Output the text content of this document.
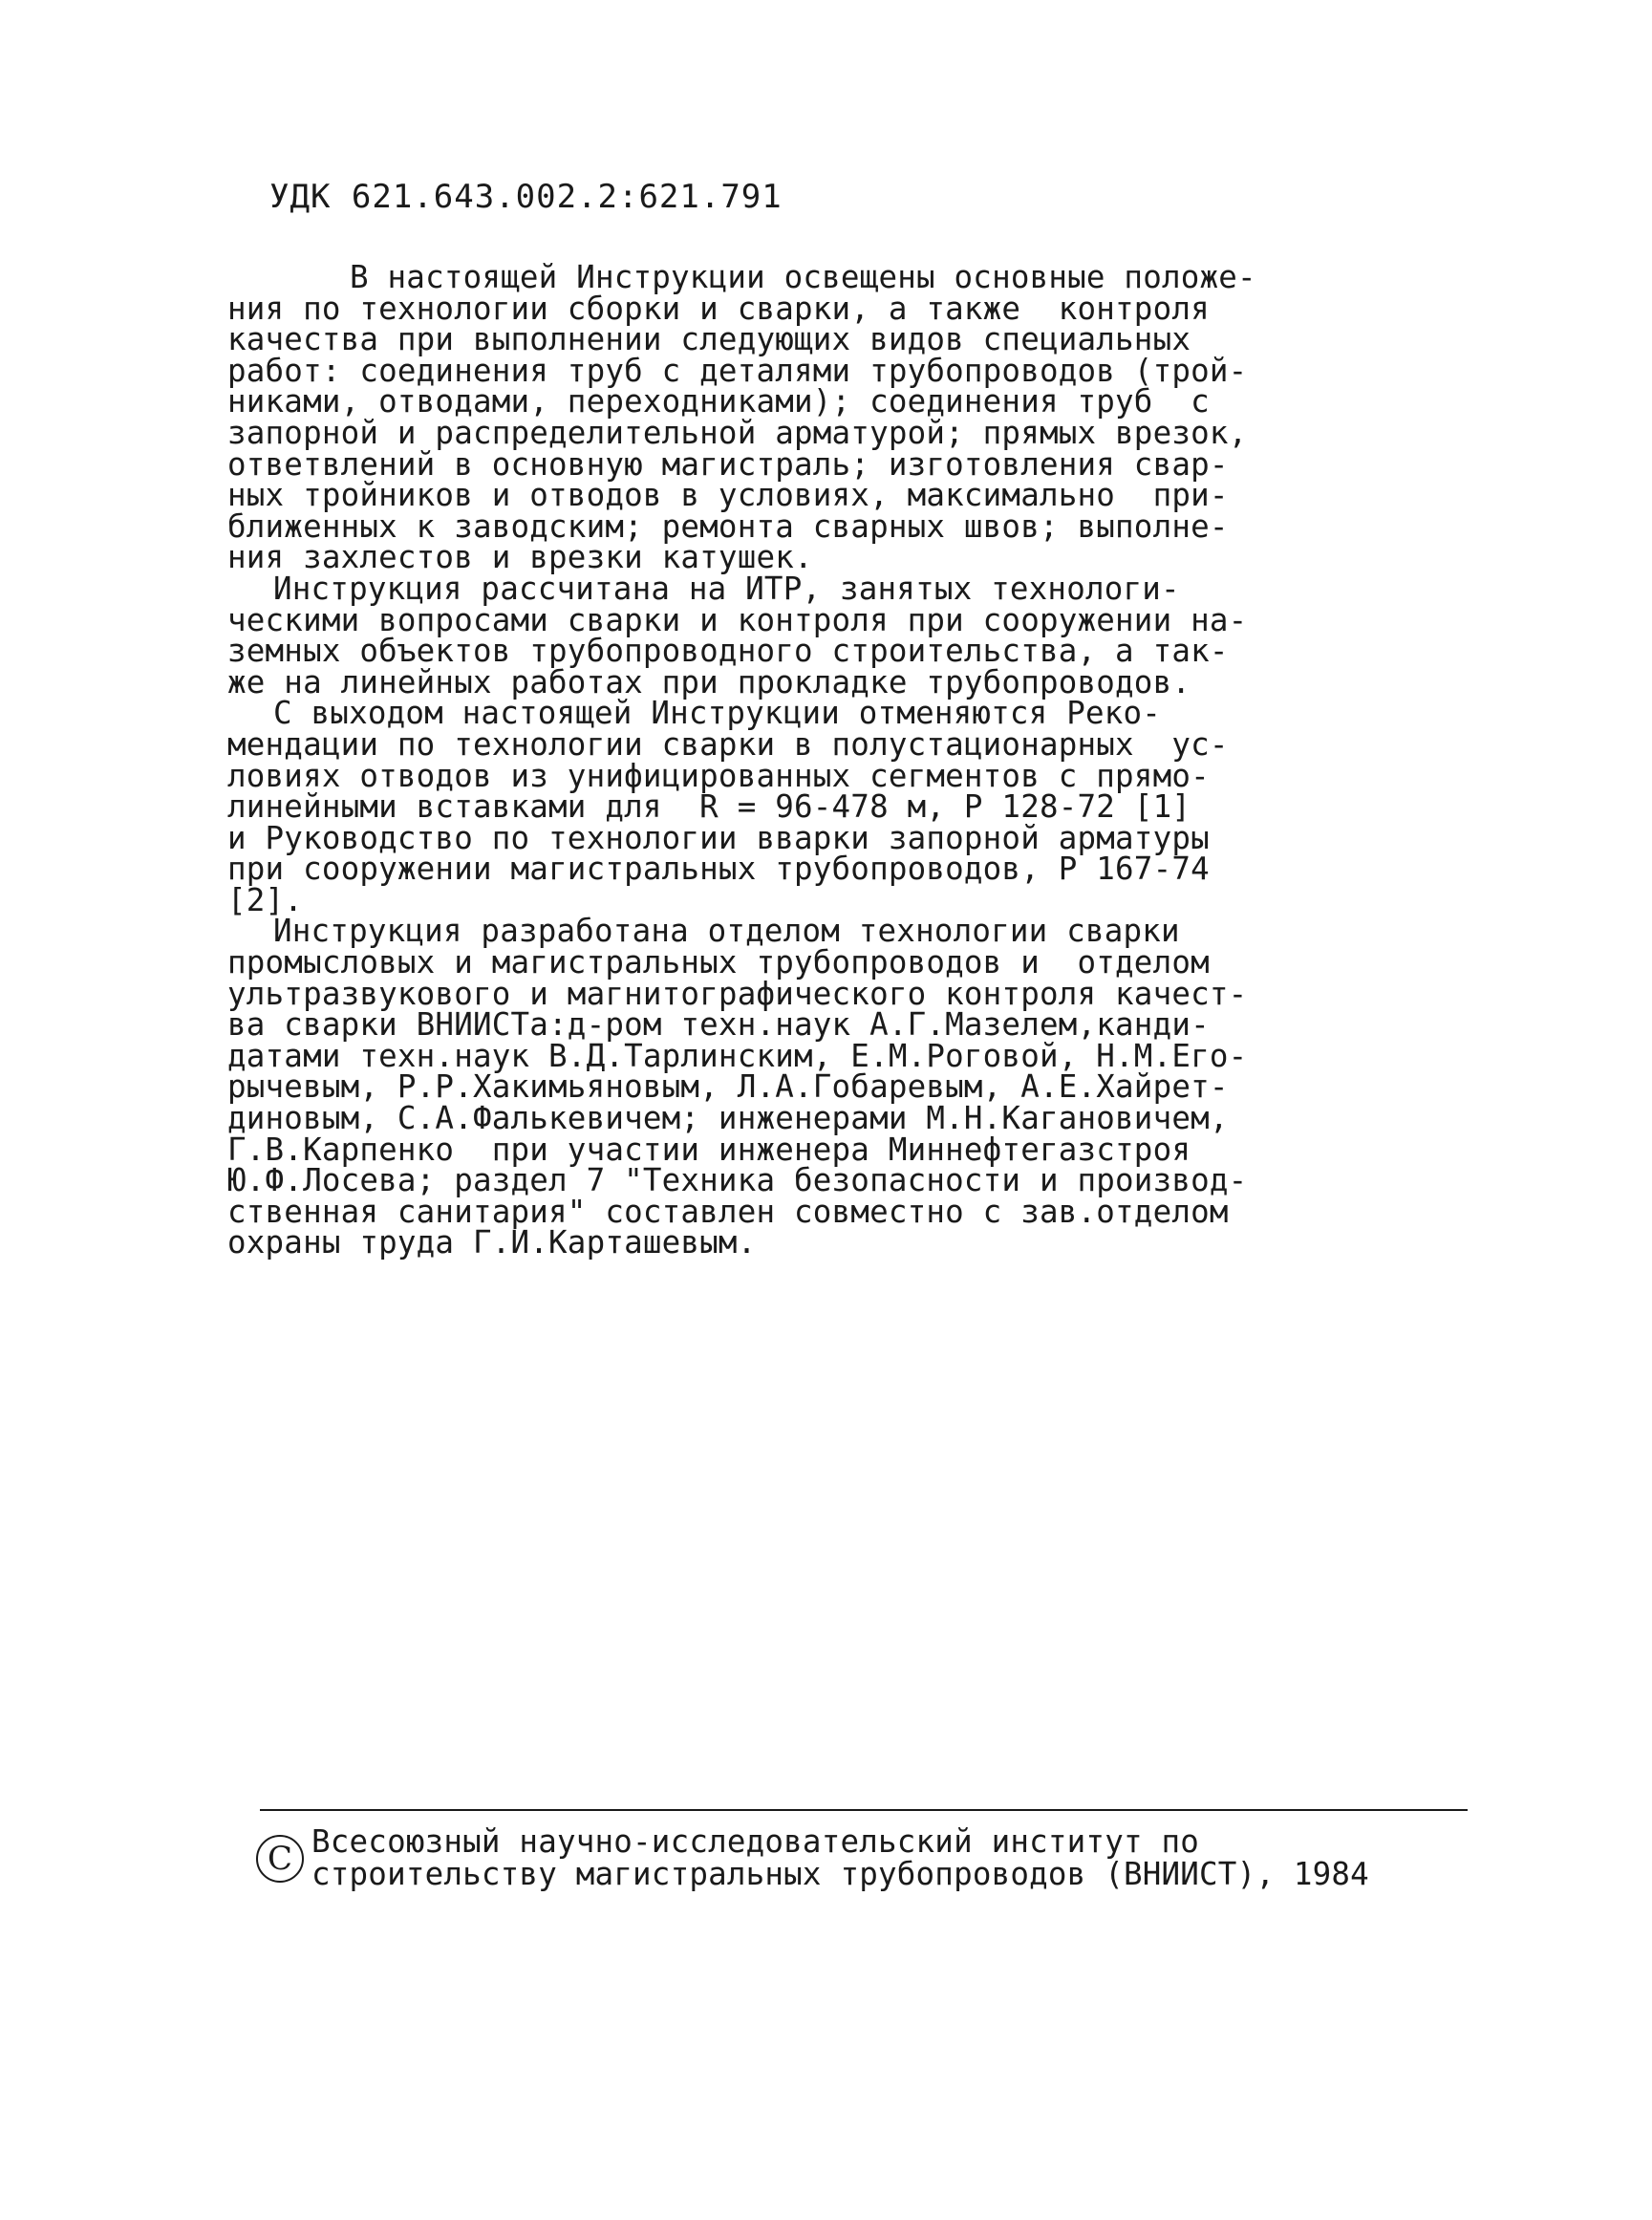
УДК 621.643.002.2:621.791
В настоящей Инструкции освещены основные положе-
ния по технологии сборки и сварки, а также  контроля
качества при выполнении следующих видов специальных
работ: соединения труб с деталями трубопроводов (трой-
никами, отводами, переходниками); соединения труб  с
запорной и распределительной арматурой; прямых врезок,
ответвлений в основную магистраль; изготовления свар-
ных тройников и отводов в условиях, максимально  при-
ближенных к заводским; ремонта сварных швов; выполне-
ния захлестов и врезки катушек.
Инструкция рассчитана на ИТР, занятых технологи-
ческими вопросами сварки и контроля при сооружении на-
земных объектов трубопроводного строительства, а так-
же на линейных работах при прокладке трубопроводов.
С выходом настоящей Инструкции отменяются Реко-
мендации по технологии сварки в полустационарных  ус-
ловиях отводов из унифицированных сегментов с прямо-
линейными вставками для  R = 96-478 м, Р 128-72 [1]
и Руководство по технологии вварки запорной арматуры
при сооружении магистральных трубопроводов, Р 167-74
[2].
Инструкция разработана отделом технологии сварки
промысловых и магистральных трубопроводов и  отделом
ультразвукового и магнитографического контроля качест-
ва сварки ВНИИСТа:д-ром техн.наук А.Г.Мазелем,канди-
датами техн.наук В.Д.Тарлинским, Е.М.Роговой, Н.М.Его-
рычевым, Р.Р.Хакимьяновым, Л.А.Гобаревым, А.Е.Хайрет-
диновым, С.А.Фалькевичем; инженерами М.Н.Кагановичем,
Г.В.Карпенко  при участии инженера Миннефтегазстроя
Ю.Ф.Лосева; раздел 7 "Техника безопасности и производ-
ственная санитария" составлен совместно с зав.отделом
охраны труда Г.И.Карташевым.
С Всесоюзный научно-исследовательский институт по
строительству магистральных трубопроводов (ВНИИСТ), 1984
